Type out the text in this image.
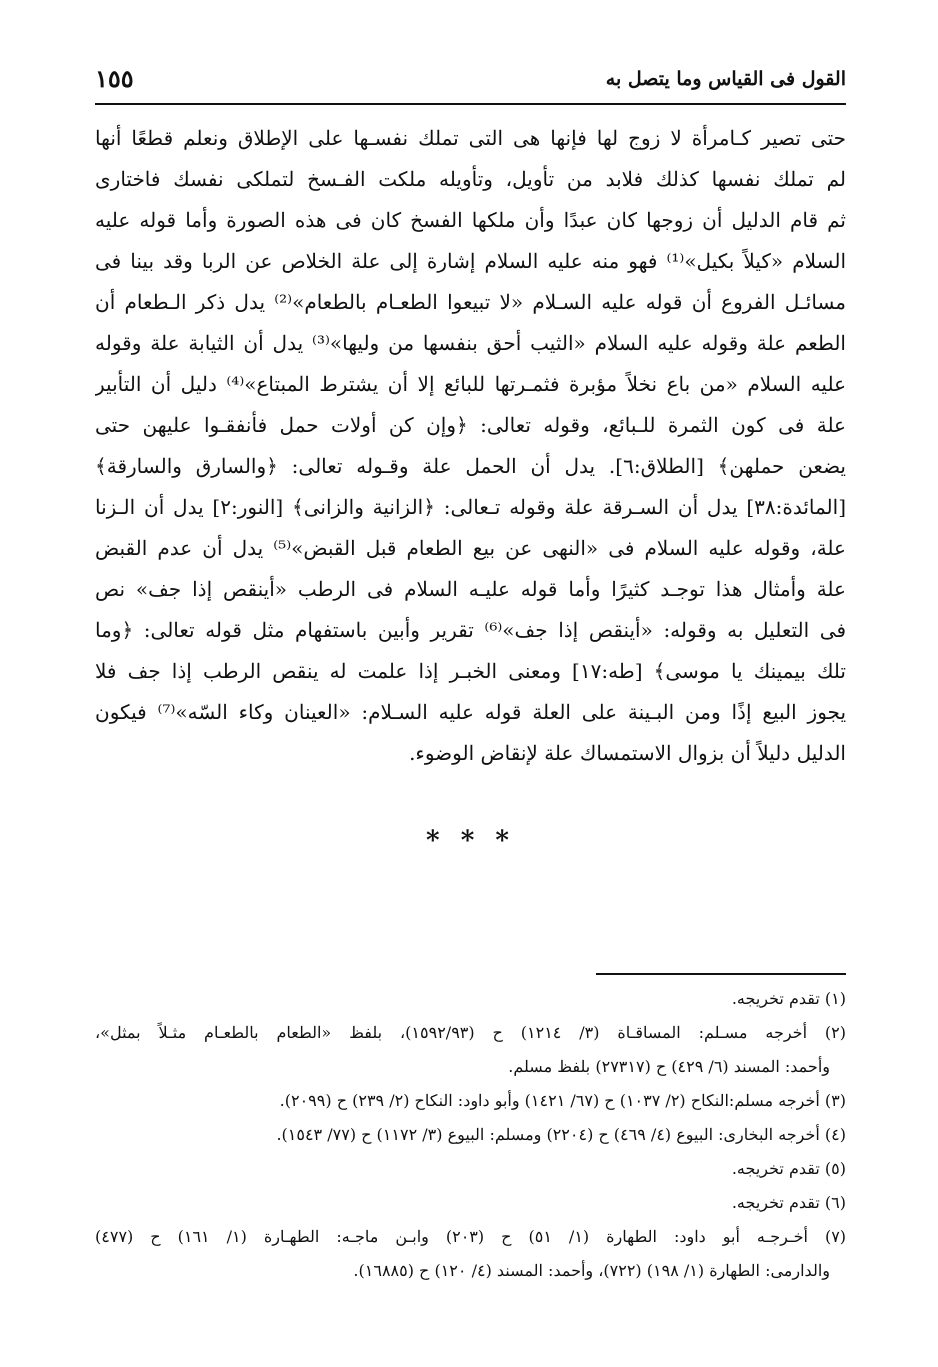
القول فى القياس وما يتصل به
١٥٥
حتى تصير كـامرأة لا زوج لها فإنها هى التى تملك نفسـها على الإطلاق ونعلم قطعًا أنها
لم تملك نفسها كذلك فلابد من تأويل، وتأويله ملكت الفـسخ لتملكى نفسك فاختارى
ثم قام الدليل أن زوجها كان عبدًا وأن ملكها الفسخ كان فى هذه الصورة وأما قوله عليه
السلام «كيلاً بكيل»⁽¹⁾ فهو منه عليه السلام إشارة إلى علة الخلاص عن الربا وقد بينا فى
مسائـل الفروع أن قوله عليه السـلام «لا تبيعوا الطعـام بالطعام»⁽²⁾ يدل ذكر الـطعام أن
الطعم علة وقوله عليه السلام «الثيب أحق بنفسها من وليها»⁽³⁾ يدل أن الثيابة علة وقوله
عليه السلام «من باع نخلاً مؤبرة فثمـرتها للبائع إلا أن يشترط المبتاع»⁽⁴⁾ دليل أن التأبير
علة فى كون الثمرة للـبائع، وقوله تعالى: ﴿وإن كن أولات حمل فأنفقـوا عليهن حتى
يضعن حملهن﴾ [الطلاق:٦]. يدل أن الحمل علة وقـوله تعالى: ﴿والسارق والسارقة﴾
[المائدة:٣٨] يدل أن السـرقة علة وقوله تـعالى: ﴿الزانية والزانى﴾ [النور:٢] يدل أن الـزنا
علة، وقوله عليه السلام فى «النهى عن بيع الطعام قبل القبض»⁽⁵⁾ يدل أن عدم القبض
علة وأمثال هذا توجـد كثيرًا وأما قوله عليـه السلام فى الرطب «أينقص إذا جف» نص
فى التعليل به وقوله: «أينقص إذا جف»⁽⁶⁾ تقرير وأبين باستفهام مثل قوله تعالى: ﴿وما
تلك بيمينك يا موسى﴾ [طه:١٧] ومعنى الخبـر إذا علمت له ينقص الرطب إذا جف فلا
يجوز البيع إذًا ومن البـينة على العلة قوله عليه السـلام: «العينان وكاء السّه»⁽⁷⁾ فيكون
الدليل دليلاً أن بزوال الاستمساك علة لإنقاض الوضوء.
* * *
(١) تقدم تخريجه.
(٢) أخرجه مسـلم: المساقـاة (٣/ ١٢١٤) ح (١٥٩٢/٩٣)، بلفظ «الطعام بالطعـام مثـلاً بمثل»،
وأحمد: المسند (٦/ ٤٢٩) ح (٢٧٣١٧) بلفظ مسلم.
(٣) أخرجه مسلم:النكاح (٢/ ١٠٣٧) ح (٦٧/ ١٤٢١) وأبو داود: النكاح (٢/ ٢٣٩) ح (٢٠٩٩).
(٤) أخرجه البخارى: البيوع (٤/ ٤٦٩) ح (٢٢٠٤) ومسلم: البيوع (٣/ ١١٧٢) ح (٧٧/ ١٥٤٣).
(٥) تقدم تخريجه.
(٦) تقدم تخريجه.
(٧) أخـرجـه أبو داود: الطهارة (١/ ٥١) ح (٢٠٣) وابـن ماجـه: الطهـارة (١/ ١٦١) ح (٤٧٧)
والدارمى: الطهارة (١/ ١٩٨) (٧٢٢)، وأحمد: المسند (٤/ ١٢٠) ح (١٦٨٨٥).
